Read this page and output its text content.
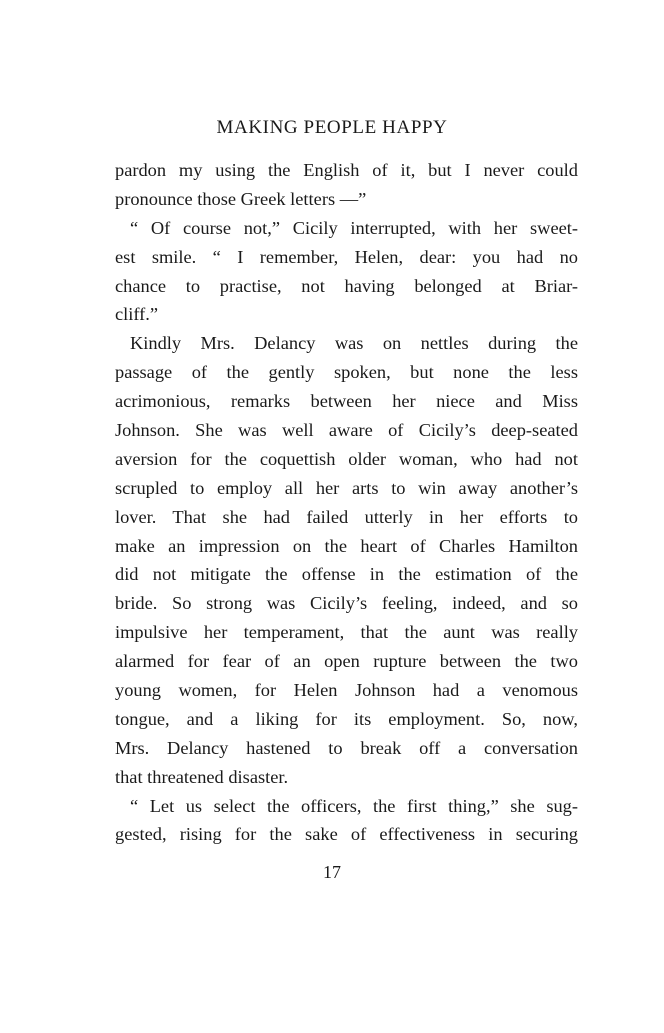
MAKING PEOPLE HAPPY
pardon my using the English of it, but I never could
pronounce those Greek letters —”
“ Of course not,” Cicily interrupted, with her sweet-
est smile. “ I remember, Helen, dear: you had no
chance to practise, not having belonged at Briar-
cliff.”
Kindly Mrs. Delancy was on nettles during the
passage of the gently spoken, but none the less
acrimonious, remarks between her niece and Miss
Johnson. She was well aware of Cicily’s deep-seated
aversion for the coquettish older woman, who had not
scrupled to employ all her arts to win away another’s
lover. That she had failed utterly in her efforts to
make an impression on the heart of Charles Hamilton
did not mitigate the offense in the estimation of the
bride. So strong was Cicily’s feeling, indeed, and so
impulsive her temperament, that the aunt was really
alarmed for fear of an open rupture between the two
young women, for Helen Johnson had a venomous
tongue, and a liking for its employment. So, now,
Mrs. Delancy hastened to break off a conversation
that threatened disaster.
“ Let us select the officers, the first thing,” she sug-
gested, rising for the sake of effectiveness in securing
17
